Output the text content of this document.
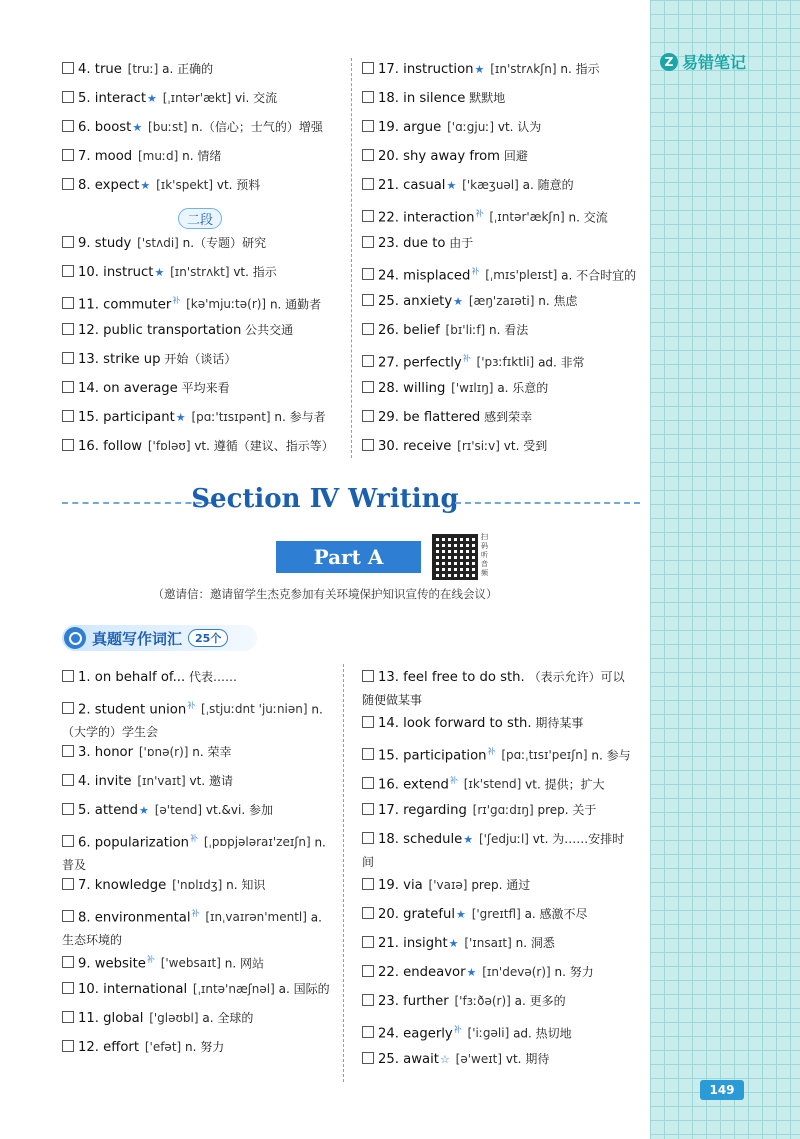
Z 易错笔记
4. true [truː] a. 正确的
5. interact★ [ˌɪntər'ækt] vi. 交流
6. boost★ [buːst] n.（信心；士气的）增强
7. mood [muːd] n. 情绪
8. expect★ [ɪk'spekt] vt. 预料
9. study ['stʌdi] n.（专题）研究
10. instruct★ [ɪn'strʌkt] vt. 指示
11. commuter$^补$ [kə'mjuːtə(r)] n. 通勤者
12. public transportation 公共交通
13. strike up 开始（谈话）
14. on average 平均来看
15. participant★ [pɑː'tɪsɪpənt] n. 参与者
16. follow ['fɒləʊ] vt. 遵循（建议、指示等）
17. instruction★ [ɪn'strʌkʃn] n. 指示
18. in silence 默默地
19. argue ['ɑːgjuː] vt. 认为
20. shy away from 回避
21. casual★ ['kæʒuəl] a. 随意的
22. interaction$^补$ [ˌɪntər'ækʃn] n. 交流
23. due to 由于
24. misplaced$^补$ [ˌmɪs'pleɪst] a. 不合时宜的
25. anxiety★ [æŋ'zaɪəti] n. 焦虑
26. belief [bɪ'liːf] n. 看法
27. perfectly$^补$ ['pɜːfɪktli] ad. 非常
28. willing ['wɪlɪŋ] a. 乐意的
29. be flattered 感到荣幸
30. receive [rɪ'siːv] vt. 受到
二段
Section Ⅳ Writing
Part A
扫码听音频
（邀请信：邀请留学生杰克参加有关环境保护知识宣传的在线会议）
真题写作词汇	25个
1. on behalf of... 代表……
2. student union$^补$ [ˌstjuːdnt 'juːniən] n.（大学的）学生会
3. honor ['ɒnə(r)] n. 荣幸
4. invite [ɪn'vaɪt] vt. 邀请
5. attend★ [ə'tend] vt.&vi. 参加
6. popularization$^补$ [ˌpɒpjələraɪ'zeɪʃn] n. 普及
7. knowledge ['nɒlɪdʒ] n. 知识
8. environmental$^补$ [ɪnˌvaɪrən'mentl] a. 生态环境的
9. website$^补$ ['websaɪt] n. 网站
10. international [ˌɪntə'næʃnəl] a. 国际的
11. global ['gləʊbl] a. 全球的
12. effort ['efət] n. 努力
13. feel free to do sth. （表示允许）可以随便做某事
14. look forward to sth. 期待某事
15. participation$^补$ [pɑːˌtɪsɪ'peɪʃn] n. 参与
16. extend$^补$ [ɪk'stend] vt. 提供；扩大
17. regarding [rɪ'gɑːdɪŋ] prep. 关于
18. schedule★ ['ʃedjuːl] vt. 为……安排时间
19. via ['vaɪə] prep. 通过
20. grateful★ ['greɪtfl] a. 感激不尽
21. insight★ ['ɪnsaɪt] n. 洞悉
22. endeavor★ [ɪn'devə(r)] n. 努力
23. further ['fɜːðə(r)] a. 更多的
24. eagerly$^补$ ['iːgəli] ad. 热切地
25. await☆ [ə'weɪt] vt. 期待
149
